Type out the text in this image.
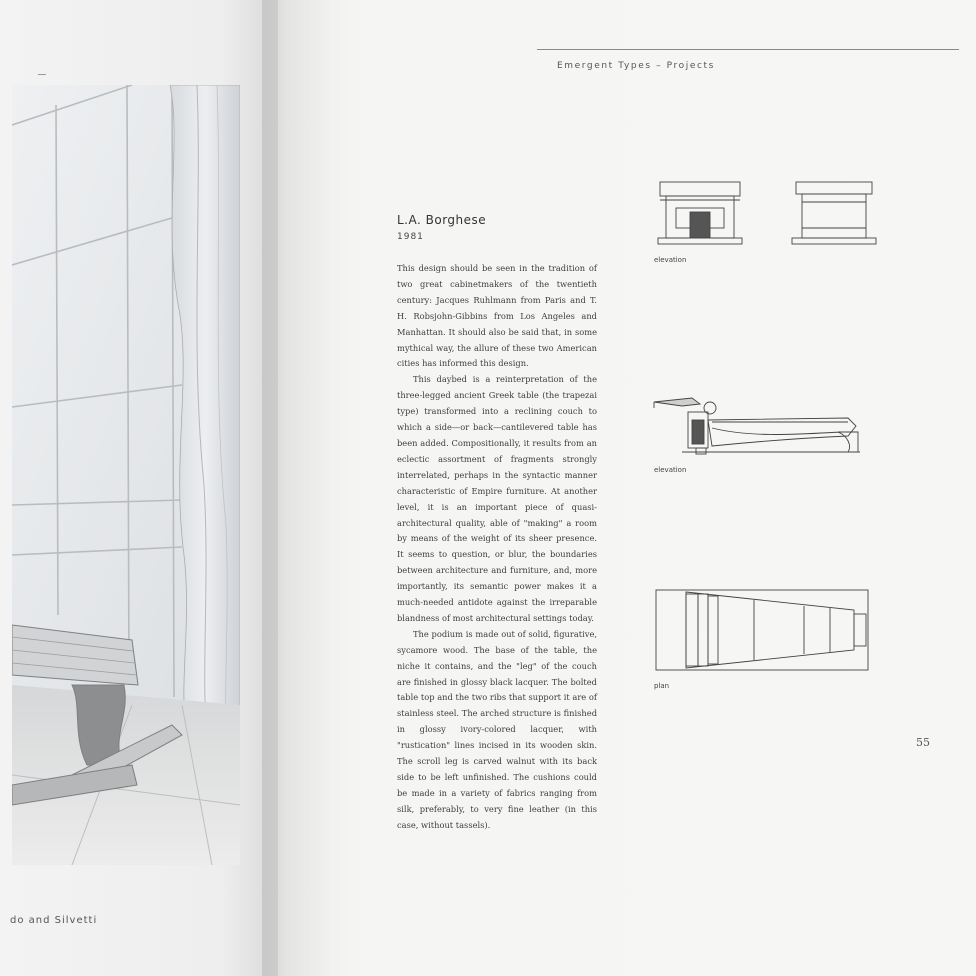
do and Silvetti
Emergent Types – Projects
L.A. Borghese
1981

This design should be seen in the tradition of two great cabinetmakers of the twentieth century: Jacques Ruhlmann from Paris and T. H. Robsjohn-Gibbins from Los Angeles and Manhattan. It should also be said that, in some mythical way, the allure of these two American cities has informed this design.

This daybed is a reinterpretation of the three-legged ancient Greek table (the trapezai type) transformed into a reclining couch to which a side—or back—cantilevered table has been added. Compositionally, it results from an eclectic assortment of fragments strongly interrelated, perhaps in the syntactic manner characteristic of Empire furniture. At another level, it is an important piece of quasi-architectural quality, able of "making" a room by means of the weight of its sheer presence. It seems to question, or blur, the boundaries between architecture and furniture, and, more importantly, its semantic power makes it a much-needed antidote against the irreparable blandness of most architectural settings today.

The podium is made out of solid, figurative, sycamore wood. The base of the table, the niche it contains, and the "leg" of the couch are finished in glossy black lacquer. The bolted table top and the two ribs that support it are of stainless steel. The arched structure is finished in glossy ivory-colored lacquer, with "rustication" lines incised in its wooden skin. The scroll leg is carved walnut with its back side to be left unfinished. The cushions could be made in a variety of fabrics ranging from silk, preferably, to very fine leather (in this case, without tassels).

elevation
elevation
plan
55
